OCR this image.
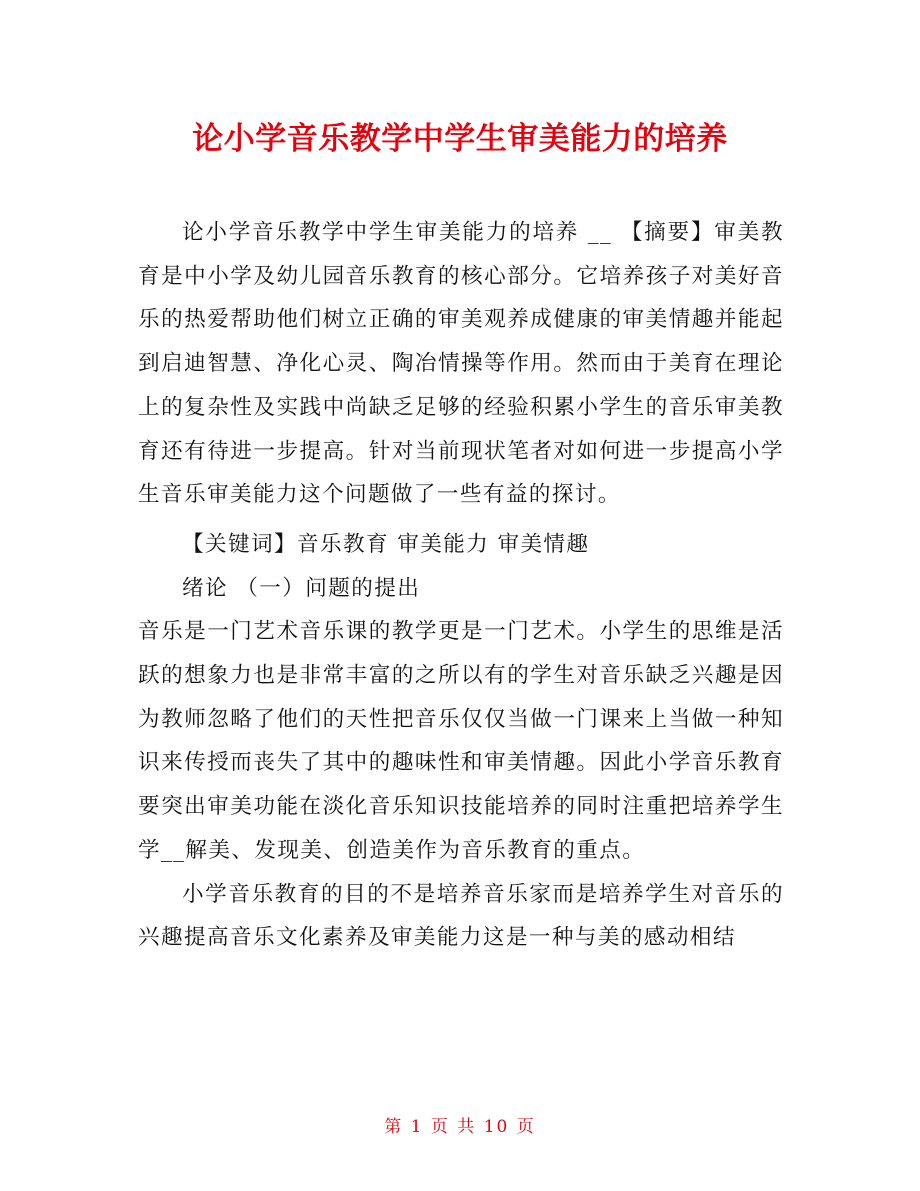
论小学音乐教学中学生审美能力的培养

论小学音乐教学中学生审美能力的培养 __ 【摘要】审美教育是中小学及幼儿园音乐教育的核心部分。它培养孩子对美好音乐的热爱帮助他们树立正确的审美观养成健康的审美情趣并能起到启迪智慧、净化心灵、陶冶情操等作用。然而由于美育在理论上的复杂性及实践中尚缺乏足够的经验积累小学生的音乐审美教育还有待进一步提高。针对当前现状笔者对如何进一步提高小学生音乐审美能力这个问题做了一些有益的探讨。

【关键词】音乐教育 审美能力 审美情趣

绪论 （一）问题的提出

音乐是一门艺术音乐课的教学更是一门艺术。小学生的思维是活跃的想象力也是非常丰富的之所以有的学生对音乐缺乏兴趣是因为教师忽略了他们的天性把音乐仅仅当做一门课来上当做一种知识来传授而丧失了其中的趣味性和审美情趣。因此小学音乐教育要突出审美功能在淡化音乐知识技能培养的同时注重把培养学生学__解美、发现美、创造美作为音乐教育的重点。

小学音乐教育的目的不是培养音乐家而是培养学生对音乐的兴趣提高音乐文化素养及审美能力这是一种与美的感动相结

第 1 页 共 10 页
